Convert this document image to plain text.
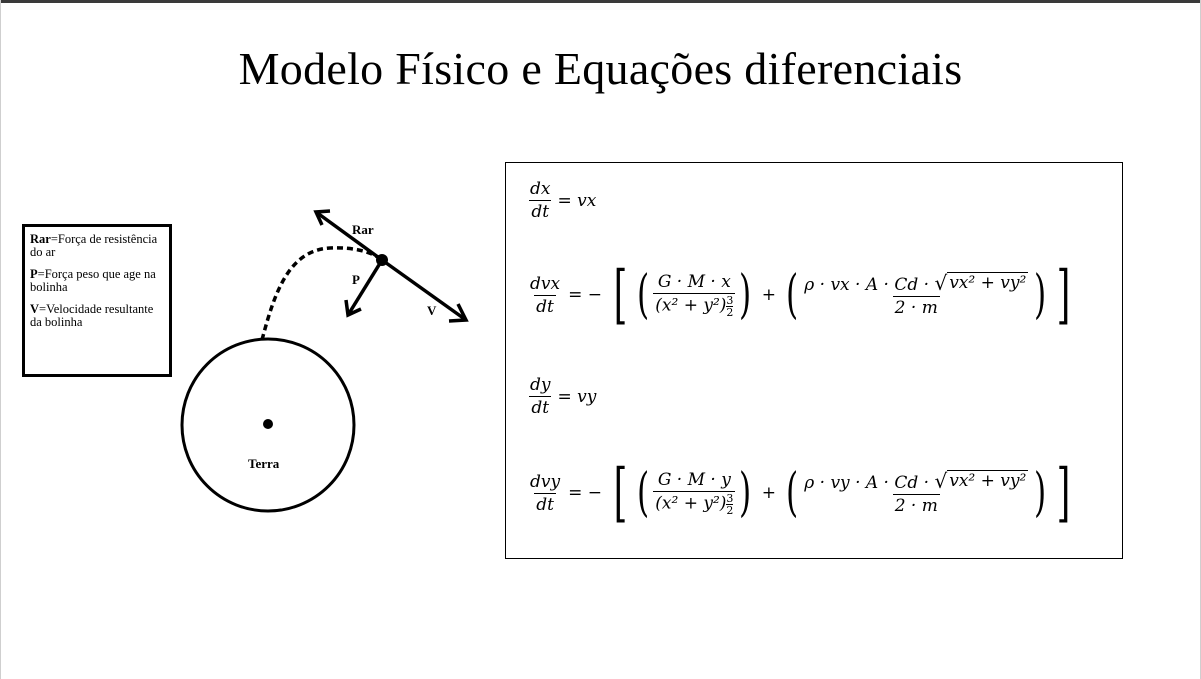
Modelo Físico e Equações diferenciais

Rar=Força de resistência do ar

P=Força peso que age na bolinha

V=Velocidade resultante da bolinha

Terra
Rar
P
V
$\frac{dx}{dt}$ = vx
$\frac{\text{dvx}}{dt}$ = − [ ( $\frac{G \cdot M \cdot x}{(x^2 + y^2) \frac{3}{2}}$ ) + ( $\frac{\text{ρ · vx · A · Cd · √ vx² + vy²}}{2 \cdot m}$ ) ]
$\frac{dy}{dt}$ = vy
$\frac{\text{dvy}}{dt}$ = − [ ( $\frac{G \cdot M \cdot y}{(x^2 + y^2) \frac{3}{2}}$ ) + ( $\frac{\text{ρ · vy · A · Cd · √ vx² + vy²}}{2 \cdot m}$ ) ]
